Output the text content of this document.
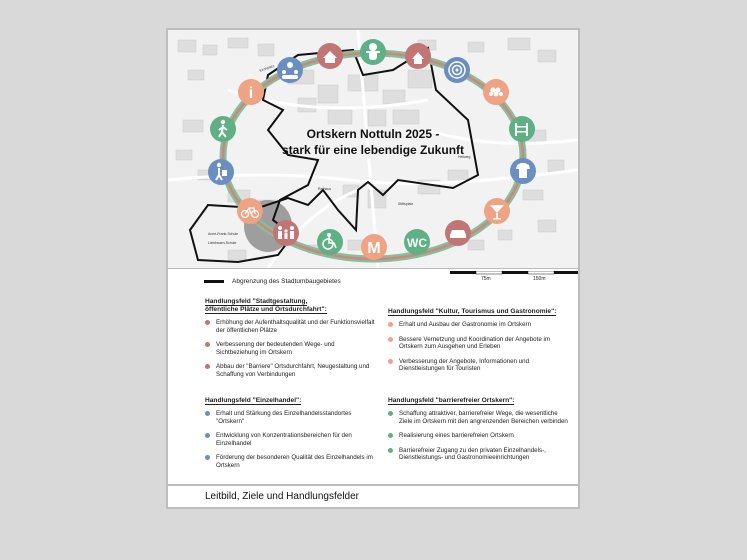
Kirchplatz
Rathaus
Stiftsplatz
Hellweg
Liebfrauen-Schule
Anne-Frank-Schule
i
M WC
Ortskern Nottuln 2025 -
stark für eine lebendige Zukunft
75m	150m
Abgrenzung des Stadtumbaugebietes
Handlungsfeld "Stadtgestaltung,
öffentliche Plätze und Ortsdurchfahrt":
Erhöhung der Aufenthaltsqualität und der Funktionsvielfalt der öffentlichen Plätze
Verbesserung der bedeutenden Wege- und Sichtbeziehung im Ortskern
Abbau der "Barriere" Ortsdurchfahrt, Neugestaltung und Schaffung von Verbindungen
Handlungsfeld "Einzelhandel":
Erhalt und Stärkung des Einzelhandelsstandortes "Ortskern"
Entwicklung von Konzentrationsbereichen für den Einzelhandel
Förderung der besonderen Qualität des Einzelhandels im Ortskern
Handlungsfeld "Kultur, Tourismus und Gastronomie":
Erhalt und Ausbau der Gastronomie im Ortskern
Bessere Vernetzung und Koordination der Angebote im Ortskern zum Ausgehen und Erleben
Verbesserung der Angebote, Informationen und Dienstleistungen für Touristen
Handlungsfeld "barrierefreier Ortskern":
Schaffung attraktiver, barrierefreier Wege, die wesentliche Ziele im Ortskern mit den angrenzenden Bereichen verbinden
Realisierung eines barrierefreien Ortskern
Barrierefreier Zugang zu den privaten Einzelhandels-, Dienstleistungs- und Gastronomieeinrichtungen
Leitbild, Ziele und Handlungsfelder
